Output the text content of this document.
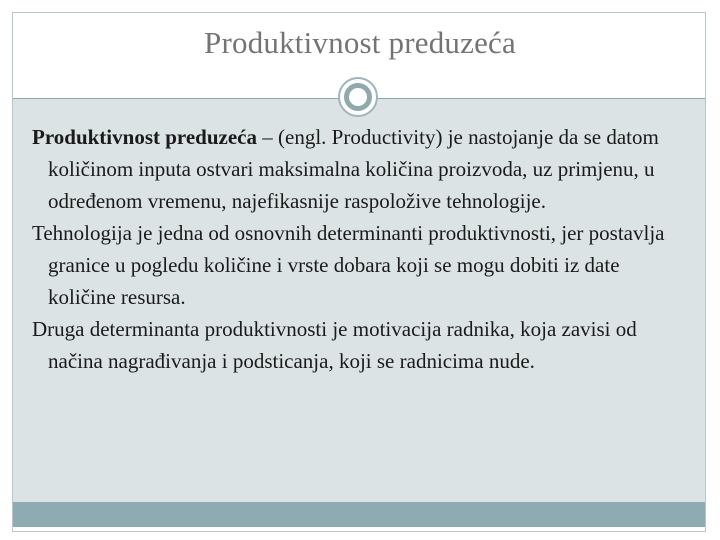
Produktivnost preduzeća

Produktivnost preduzeća – (engl. Productivity) je nastojanje da se datom količinom inputa ostvari maksimalna količina proizvoda, uz primjenu, u određenom vremenu, najefikasnije raspoložive tehnologije.

Tehnologija je jedna od osnovnih determinanti produktivnosti, jer postavlja granice u pogledu količine i vrste dobara koji se mogu dobiti iz date količine resursa.

Druga determinanta produktivnosti je motivacija radnika, koja zavisi od načina nagrađivanja i podsticanja, koji se radnicima nude.
